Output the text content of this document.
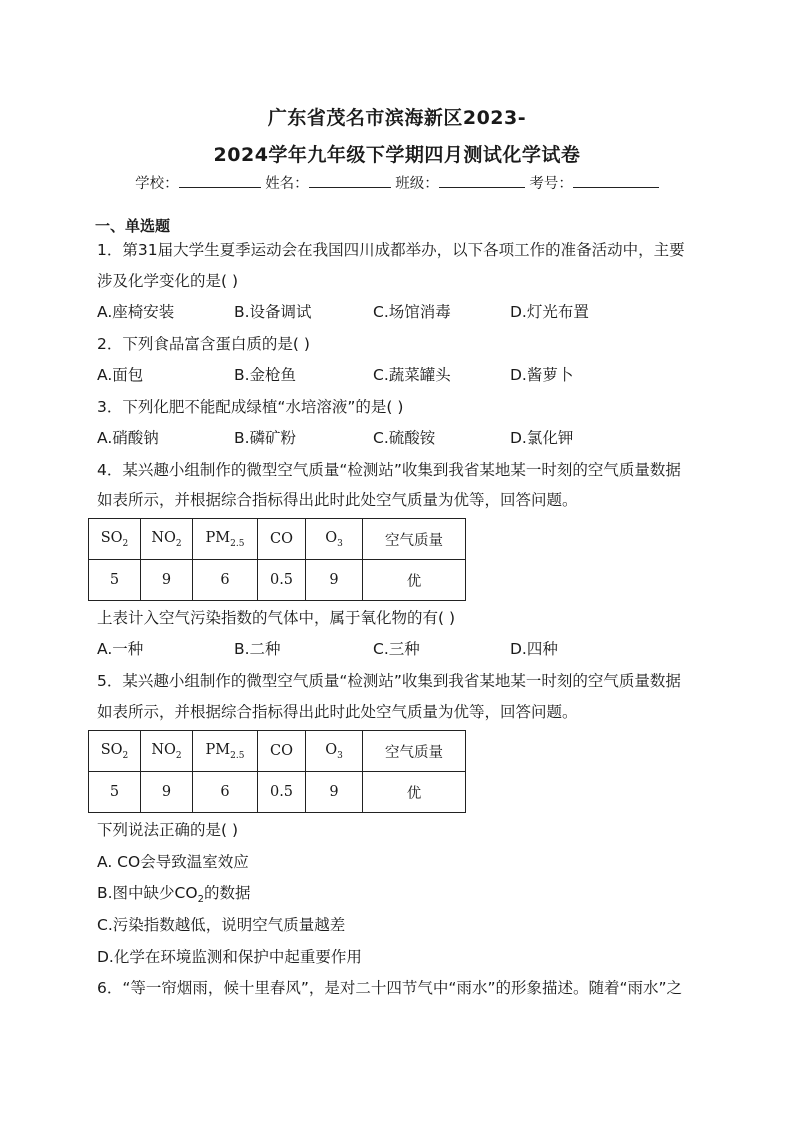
广东省茂名市滨海新区2023-
2024学年九年级下学期四月测试化学试卷
学校：	姓名：	班级：	考号：
一、单选题
1．第31届大学生夏季运动会在我国四川成都举办，以下各项工作的准备活动中，主要
涉及化学变化的是( )
A.座椅安装	B.设备调试	C.场馆消毒	D.灯光布置
2．下列食品富含蛋白质的是( )
A.面包	B.金枪鱼	C.蔬菜罐头	D.酱萝卜
3．下列化肥不能配成绿植“水培溶液”的是( )
A.硝酸钠	B.磷矿粉	C.硫酸铵	D.氯化钾
4．某兴趣小组制作的微型空气质量“检测站”收集到我省某地某一时刻的空气质量数据
如表所示，并根据综合指标得出此时此处空气质量为优等，回答问题。
$SO_2$	$NO_2$	$PM_{2.5}$	CO	$O_3$	空气质量
5	9	6	0.5	9	优
上表计入空气污染指数的气体中，属于氧化物的有( )
A.一种	B.二种	C.三种	D.四种
5．某兴趣小组制作的微型空气质量“检测站”收集到我省某地某一时刻的空气质量数据
如表所示，并根据综合指标得出此时此处空气质量为优等，回答问题。
$SO_2$	$NO_2$	$PM_{2.5}$	CO	$O_3$	空气质量
5	9	6	0.5	9	优
下列说法正确的是( )
A. CO会导致温室效应
B.图中缺少$CO_2$的数据
C.污染指数越低，说明空气质量越差
D.化学在环境监测和保护中起重要作用
6．“等一帘烟雨，候十里春风”，是对二十四节气中“雨水”的形象描述。随着“雨水”之
